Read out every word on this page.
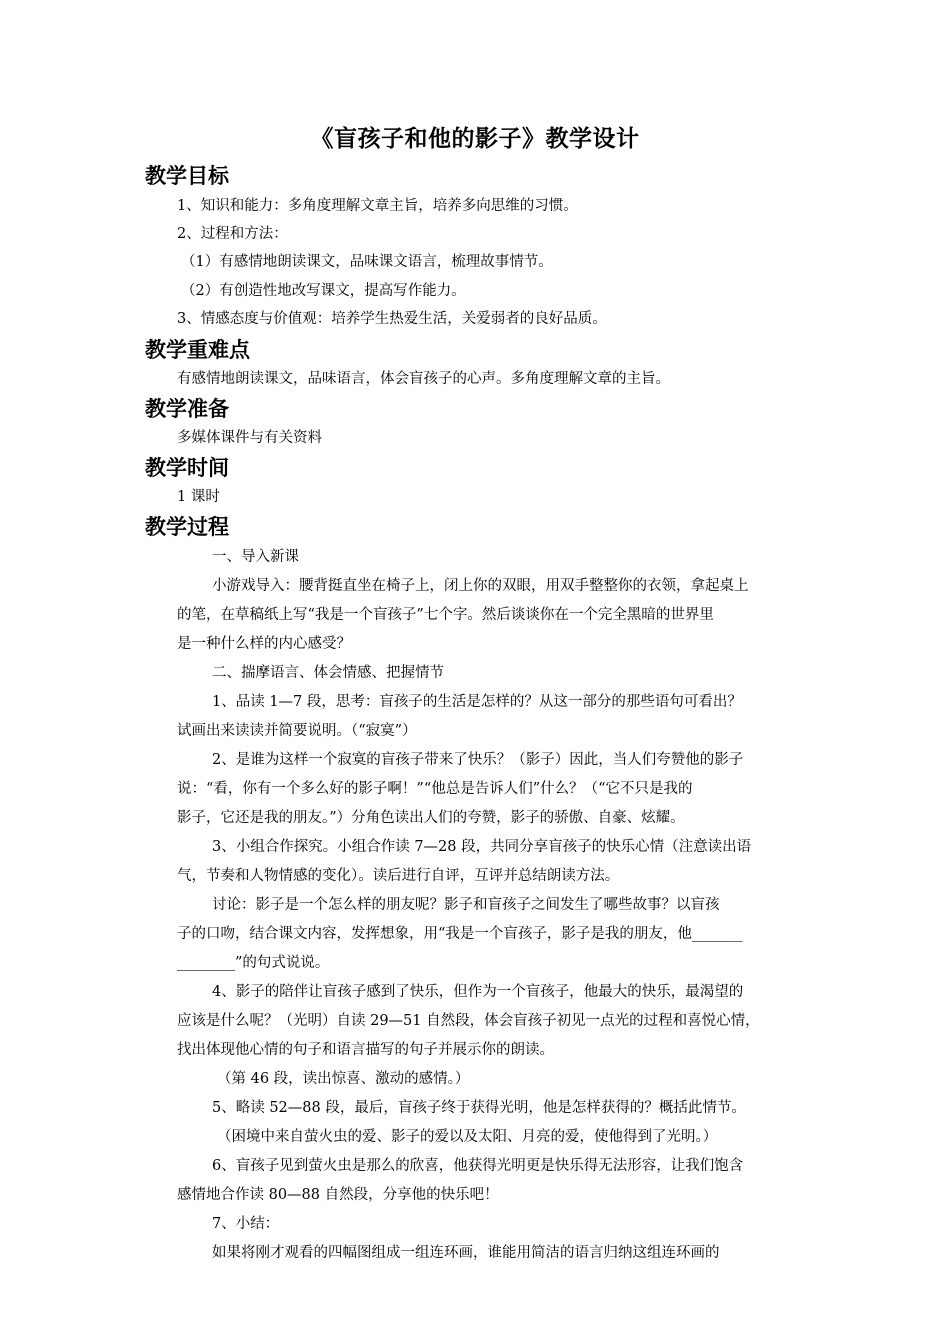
《盲孩子和他的影子》教学设计
教学目标
1、知识和能力：多角度理解文章主旨，培养多向思维的习惯。
2、过程和方法：
（1）有感情地朗读课文，品味课文语言，梳理故事情节。
（2）有创造性地改写课文，提高写作能力。
3、情感态度与价值观：培养学生热爱生活，关爱弱者的良好品质。
教学重难点
有感情地朗读课文，品味语言，体会盲孩子的心声。多角度理解文章的主旨。
教学准备
多媒体课件与有关资料
教学时间
1 课时
教学过程
一、导入新课
小游戏导入：腰背挺直坐在椅子上，闭上你的双眼，用双手整整你的衣领，拿起桌上
的笔，在草稿纸上写“我是一个盲孩子”七个字。然后谈谈你在一个完全黑暗的世界里
是一种什么样的内心感受？
二、揣摩语言、体会情感、把握情节
1、品读 1—7 段，思考：盲孩子的生活是怎样的？从这一部分的那些语句可看出？
试画出来读读并简要说明。（“寂寞”）
2、是谁为这样一个寂寞的盲孩子带来了快乐？（影子）因此，当人们夸赞他的影子
说：“看，你有一个多么好的影子啊！”“他总是告诉人们”什么？（“它不只是我的
影子，它还是我的朋友。”）分角色读出人们的夸赞，影子的骄傲、自豪、炫耀。
3、小组合作探究。小组合作读 7—28 段，共同分享盲孩子的快乐心情（注意读出语
气，节奏和人物情感的变化）。读后进行自评，互评并总结朗读方法。
讨论：影子是一个怎么样的朋友呢？影子和盲孩子之间发生了哪些故事？以盲孩
子的口吻，结合课文内容，发挥想象，用“我是一个盲孩子，影子是我的朋友，他_______
________”的句式说说。
4、影子的陪伴让盲孩子感到了快乐，但作为一个盲孩子，他最大的快乐，最渴望的
应该是什么呢？（光明）自读 29—51 自然段，体会盲孩子初见一点光的过程和喜悦心情，
找出体现他心情的句子和语言描写的句子并展示你的朗读。
（第 46 段，读出惊喜、激动的感情。）
5、略读 52—88 段，最后，盲孩子终于获得光明，他是怎样获得的？概括此情节。
（困境中来自萤火虫的爱、影子的爱以及太阳、月亮的爱，使他得到了光明。）
6、盲孩子见到萤火虫是那么的欣喜，他获得光明更是快乐得无法形容，让我们饱含
感情地合作读 80—88 自然段，分享他的快乐吧！
7、小结：
如果将刚才观看的四幅图组成一组连环画，谁能用简洁的语言归纳这组连环画的
